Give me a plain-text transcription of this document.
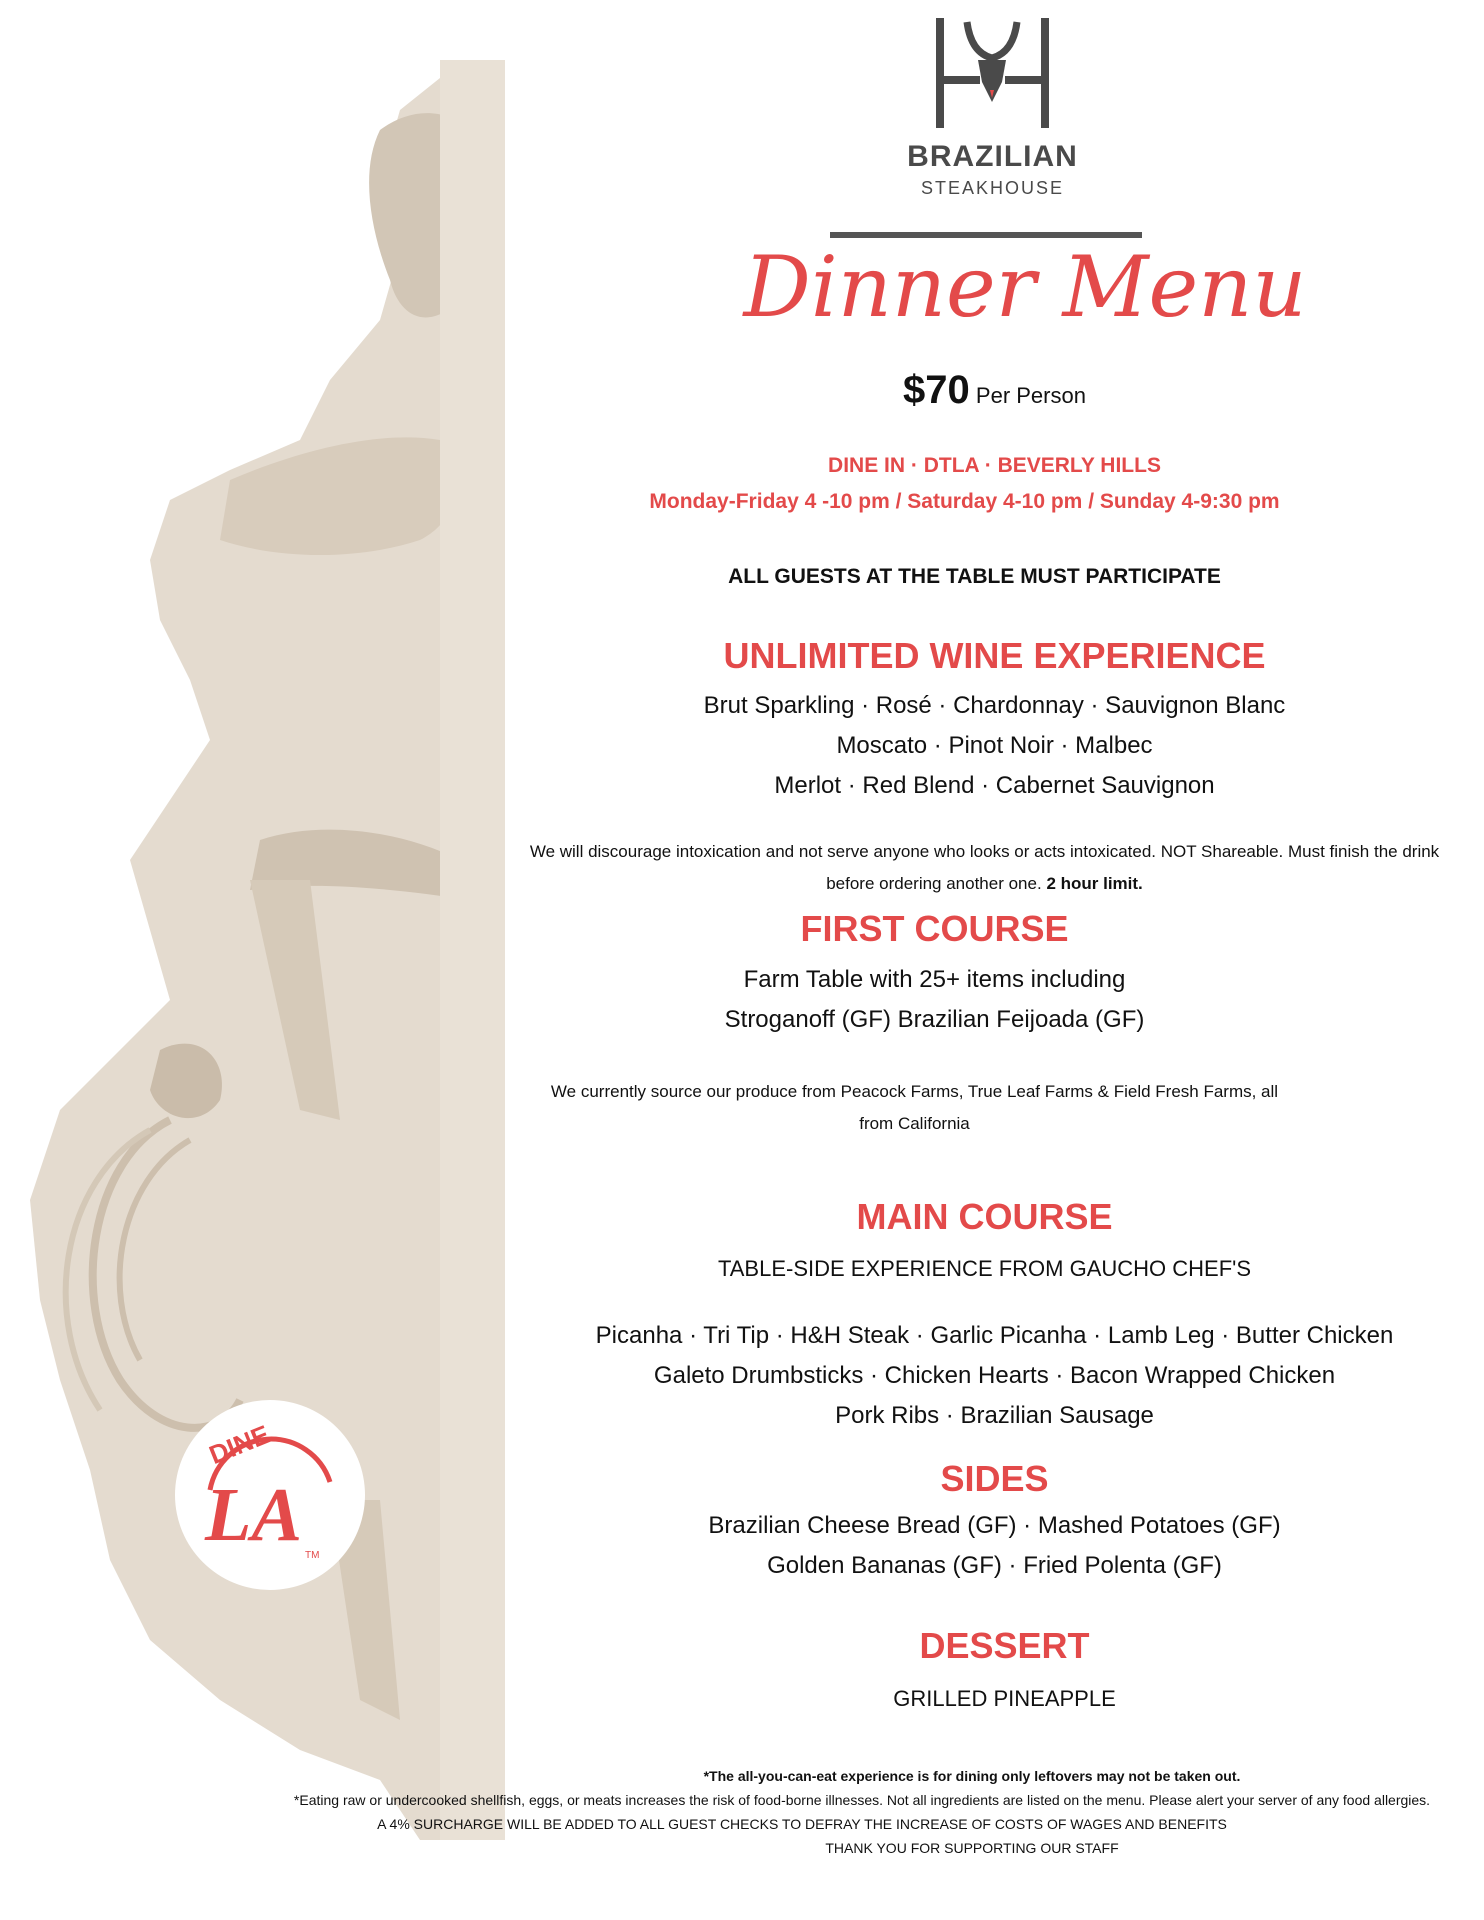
DINE
LA TM
BRAZILIAN
STEAKHOUSE
Dinner Menu
$70 Per Person
DINE IN · DTLA · BEVERLY HILLS
Monday-Friday 4 -10 pm / Saturday 4-10 pm / Sunday 4-9:30 pm
ALL GUESTS AT THE TABLE MUST PARTICIPATE
UNLIMITED WINE EXPERIENCE
Brut Sparkling · Rosé · Chardonnay · Sauvignon Blanc
Moscato · Pinot Noir · Malbec
Merlot · Red Blend · Cabernet Sauvignon
We will discourage intoxication and not serve anyone who looks or acts intoxicated. NOT Shareable. Must finish the drink
before ordering another one. 2 hour limit.
FIRST COURSE
Farm Table with 25+ items including
Stroganoff (GF) Brazilian Feijoada (GF)
We currently source our produce from Peacock Farms, True Leaf Farms & Field Fresh Farms, all
from California
MAIN COURSE
TABLE-SIDE EXPERIENCE FROM GAUCHO CHEF'S
Picanha · Tri Tip · H&H Steak · Garlic Picanha · Lamb Leg · Butter Chicken
Galeto Drumbsticks · Chicken Hearts · Bacon Wrapped Chicken
Pork Ribs · Brazilian Sausage
SIDES
Brazilian Cheese Bread (GF) · Mashed Potatoes (GF)
Golden Bananas (GF) · Fried Polenta (GF)
DESSERT
GRILLED PINEAPPLE
*The all-you-can-eat experience is for dining only leftovers may not be taken out.
*Eating raw or undercooked shellfish, eggs, or meats increases the risk of food-borne illnesses. Not all ingredients are listed on the menu. Please alert your server of any food allergies.
A 4% SURCHARGE WILL BE ADDED TO ALL GUEST CHECKS TO DEFRAY THE INCREASE OF COSTS OF WAGES AND BENEFITS
THANK YOU FOR SUPPORTING OUR STAFF
